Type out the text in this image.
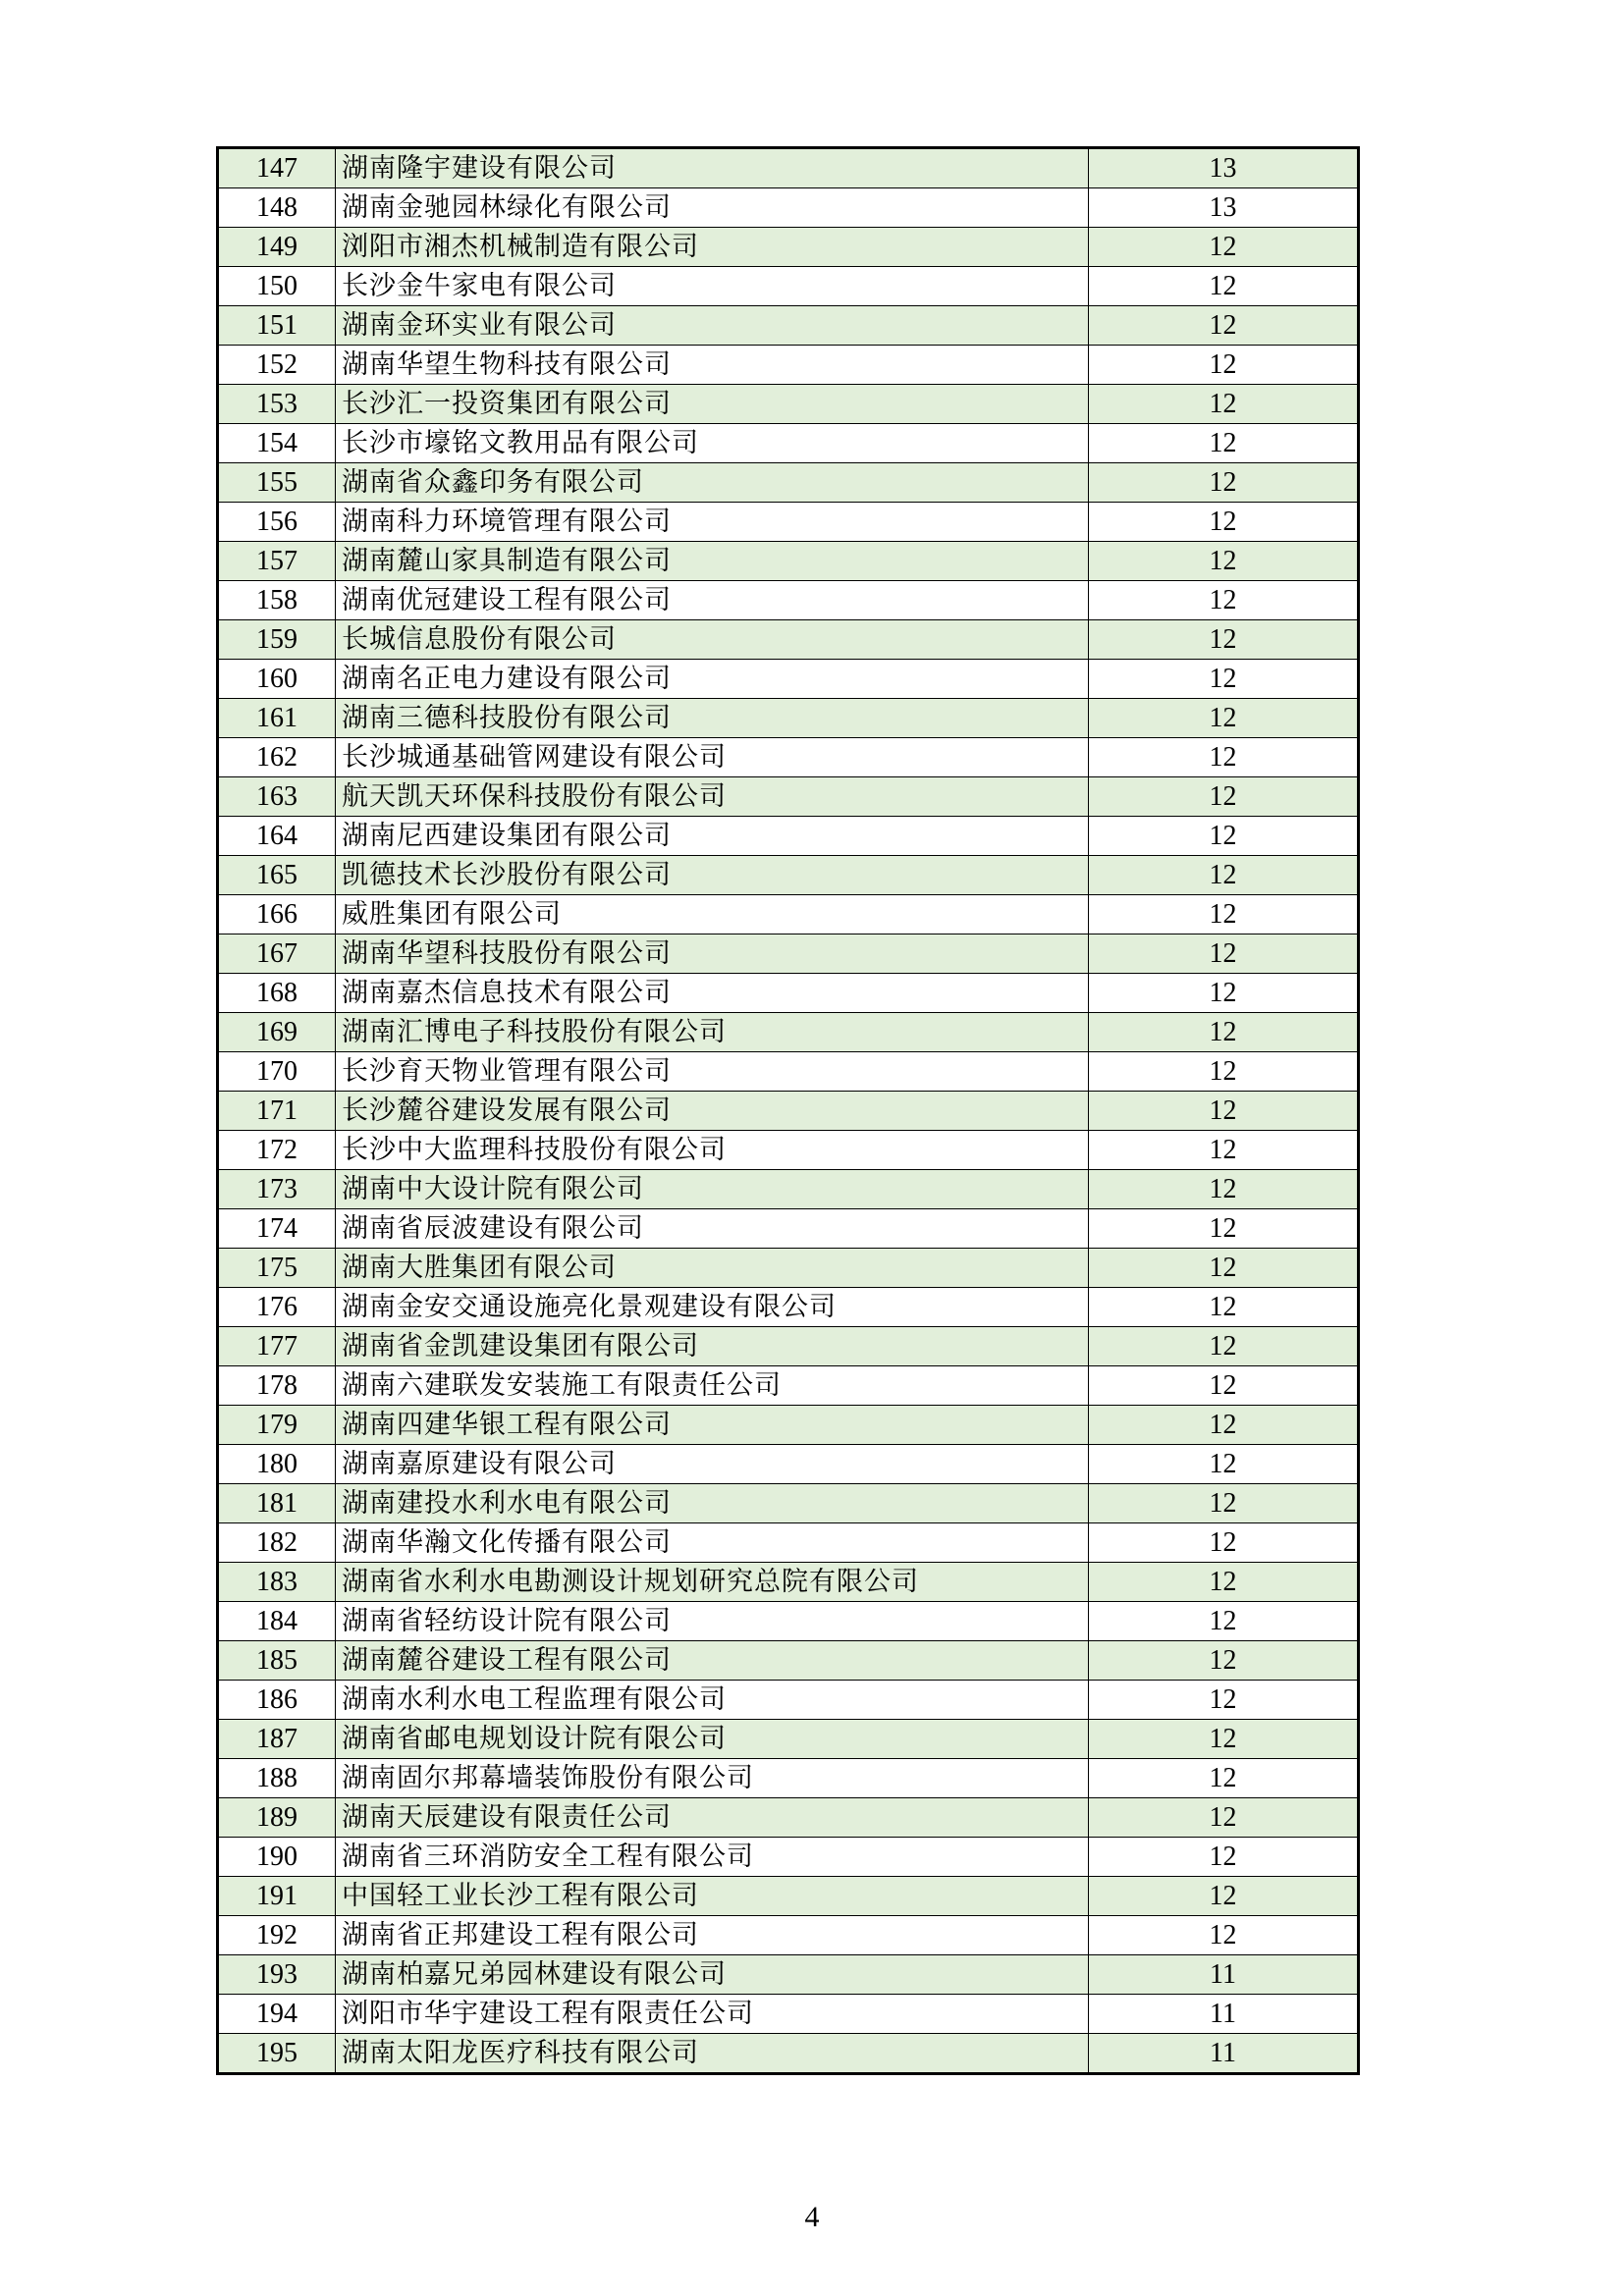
147	湖南隆宇建设有限公司	13
148	湖南金驰园林绿化有限公司	13
149	浏阳市湘杰机械制造有限公司	12
150	长沙金牛家电有限公司	12
151	湖南金环实业有限公司	12
152	湖南华望生物科技有限公司	12
153	长沙汇一投资集团有限公司	12
154	长沙市壕铭文教用品有限公司	12
155	湖南省众鑫印务有限公司	12
156	湖南科力环境管理有限公司	12
157	湖南麓山家具制造有限公司	12
158	湖南优冠建设工程有限公司	12
159	长城信息股份有限公司	12
160	湖南名正电力建设有限公司	12
161	湖南三德科技股份有限公司	12
162	长沙城通基础管网建设有限公司	12
163	航天凯天环保科技股份有限公司	12
164	湖南尼西建设集团有限公司	12
165	凯德技术长沙股份有限公司	12
166	威胜集团有限公司	12
167	湖南华望科技股份有限公司	12
168	湖南嘉杰信息技术有限公司	12
169	湖南汇博电子科技股份有限公司	12
170	长沙育天物业管理有限公司	12
171	长沙麓谷建设发展有限公司	12
172	长沙中大监理科技股份有限公司	12
173	湖南中大设计院有限公司	12
174	湖南省辰波建设有限公司	12
175	湖南大胜集团有限公司	12
176	湖南金安交通设施亮化景观建设有限公司	12
177	湖南省金凯建设集团有限公司	12
178	湖南六建联发安装施工有限责任公司	12
179	湖南四建华银工程有限公司	12
180	湖南嘉原建设有限公司	12
181	湖南建投水利水电有限公司	12
182	湖南华瀚文化传播有限公司	12
183	湖南省水利水电勘测设计规划研究总院有限公司	12
184	湖南省轻纺设计院有限公司	12
185	湖南麓谷建设工程有限公司	12
186	湖南水利水电工程监理有限公司	12
187	湖南省邮电规划设计院有限公司	12
188	湖南固尔邦幕墙装饰股份有限公司	12
189	湖南天辰建设有限责任公司	12
190	湖南省三环消防安全工程有限公司	12
191	中国轻工业长沙工程有限公司	12
192	湖南省正邦建设工程有限公司	12
193	湖南柏嘉兄弟园林建设有限公司	11
194	浏阳市华宇建设工程有限责任公司	11
195	湖南太阳龙医疗科技有限公司	11
4
